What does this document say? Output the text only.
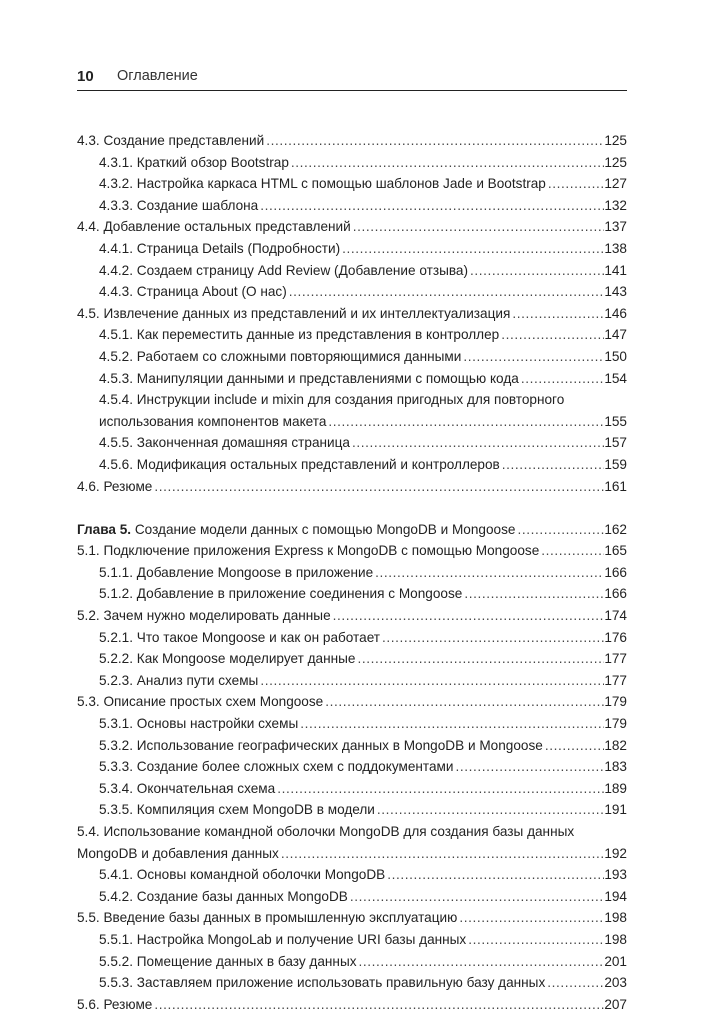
10 Оглавление
4.3. Создание представлений .....	125
4.3.1. Краткий обзор Bootstrap .....	125
4.3.2. Настройка каркаса HTML с помощью шаблонов Jade и Bootstrap .....	127
4.3.3. Создание шаблона .....	132
4.4. Добавление остальных представлений .....	137
4.4.1. Страница Details (Подробности) .....	138
4.4.2. Создаем страницу Add Review (Добавление отзыва) .....	141
4.4.3. Страница About (О нас) .....	143
4.5. Извлечение данных из представлений и их интеллектуализация .....	146
4.5.1. Как переместить данные из представления в контроллер .....	147
4.5.2. Работаем со сложными повторяющимися данными .....	150
4.5.3. Манипуляции данными и представлениями с помощью кода .....	154
4.5.4. Инструкции include и mixin для создания пригодных для повторного
использования компонентов макета .....	155
4.5.5. Законченная домашняя страница .....	157
4.5.6. Модификация остальных представлений и контроллеров .....	159
4.6. Резюме .....	161
Глава 5. Создание модели данных с помощью MongoDB и Mongoose .....	162
5.1. Подключение приложения Express к MongoDB с помощью Mongoose .....	165
5.1.1. Добавление Mongoose в приложение .....	166
5.1.2. Добавление в приложение соединения с Mongoose .....	166
5.2. Зачем нужно моделировать данные .....	174
5.2.1. Что такое Mongoose и как он работает .....	176
5.2.2. Как Mongoose моделирует данные .....	177
5.2.3. Анализ пути схемы .....	177
5.3. Описание простых схем Mongoose .....	179
5.3.1. Основы настройки схемы .....	179
5.3.2. Использование географических данных в MongoDB и Mongoose .....	182
5.3.3. Создание более сложных схем с поддокументами .....	183
5.3.4. Окончательная схема .....	189
5.3.5. Компиляция схем MongoDB в модели .....	191
5.4. Использование командной оболочки MongoDB для создания базы данных
MongoDB и добавления данных .....	192
5.4.1. Основы командной оболочки MongoDB .....	193
5.4.2. Создание базы данных MongoDB .....	194
5.5. Введение базы данных в промышленную эксплуатацию .....	198
5.5.1. Настройка MongoLab и получение URI базы данных .....	198
5.5.2. Помещение данных в базу данных .....	201
5.5.3. Заставляем приложение использовать правильную базу данных .....	203
5.6. Резюме .....	207
